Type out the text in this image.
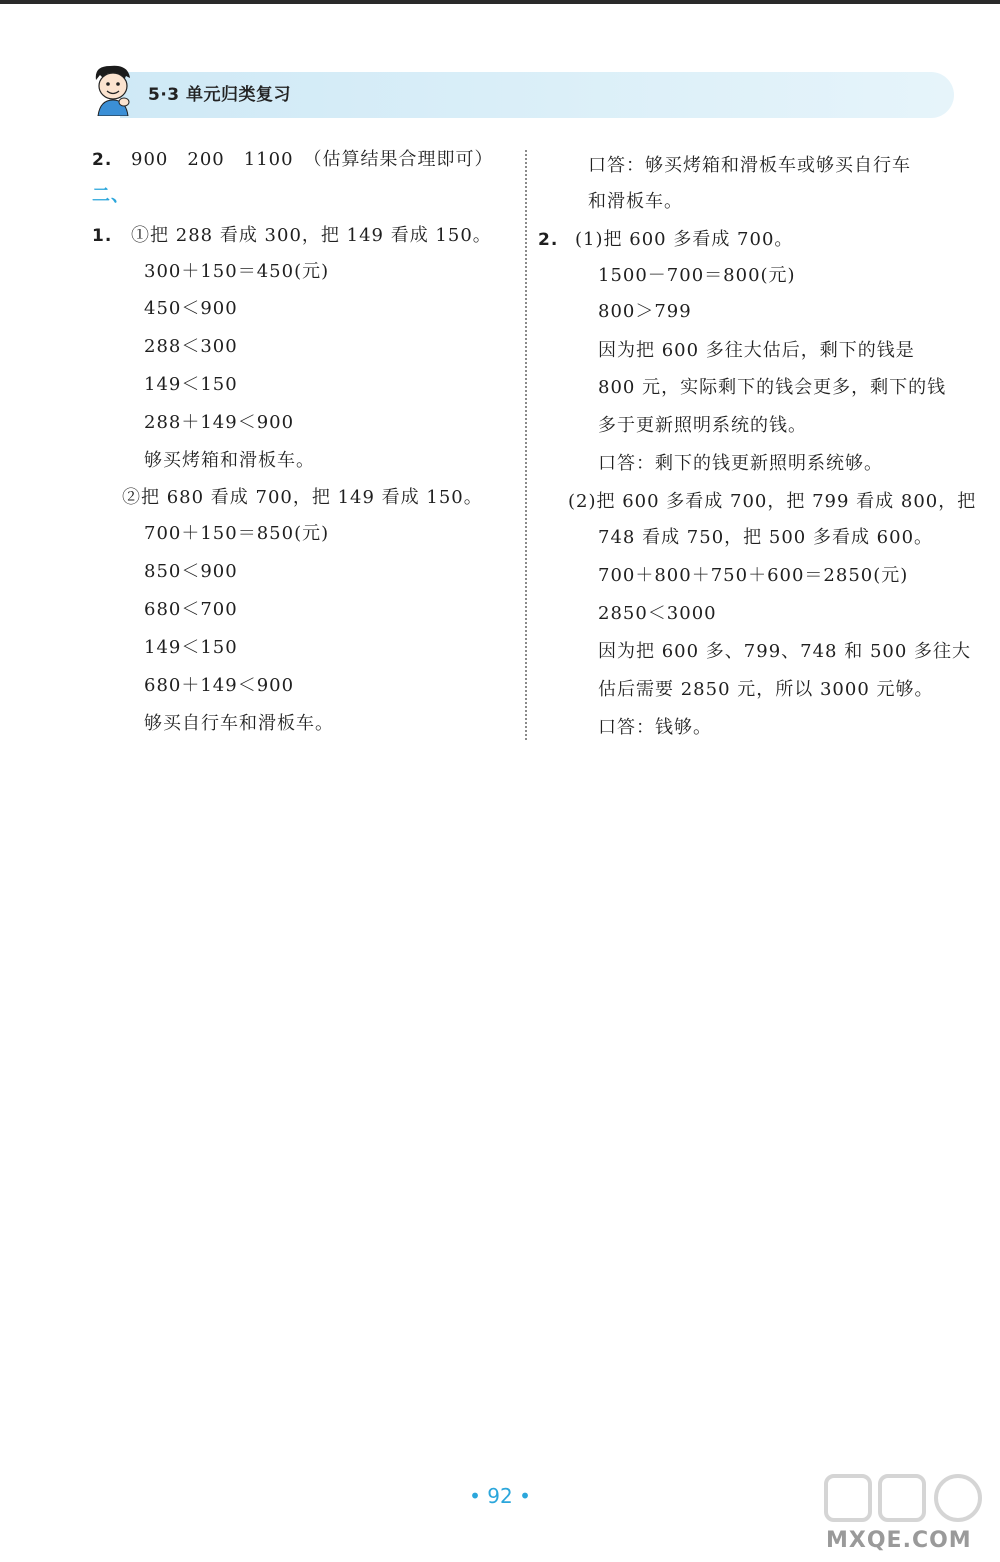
5·3 单元归类复习
2. 900　200　1100　（估算结果合理即可）
二、
1. ①把 288 看成 300，把 149 看成 150。
300＋150＝450(元)
450＜900
288＜300
149＜150
288＋149＜900
够买烤箱和滑板车。
②把 680 看成 700，把 149 看成 150。
700＋150＝850(元)
850＜900
680＜700
149＜150
680＋149＜900
够买自行车和滑板车。
口答：够买烤箱和滑板车或够买自行车
和滑板车。
2. (1)把 600 多看成 700。
1500－700＝800(元)
800＞799
因为把 600 多往大估后，剩下的钱是
800 元，实际剩下的钱会更多，剩下的钱
多于更新照明系统的钱。
口答：剩下的钱更新照明系统够。
(2)把 600 多看成 700，把 799 看成 800，把
748 看成 750，把 500 多看成 600。
700＋800＋750＋600＝2850(元)
2850＜3000
因为把 600 多、799、748 和 500 多往大
估后需要 2850 元，所以 3000 元够。
口答：钱够。
• 92 •
MXQE.COM
